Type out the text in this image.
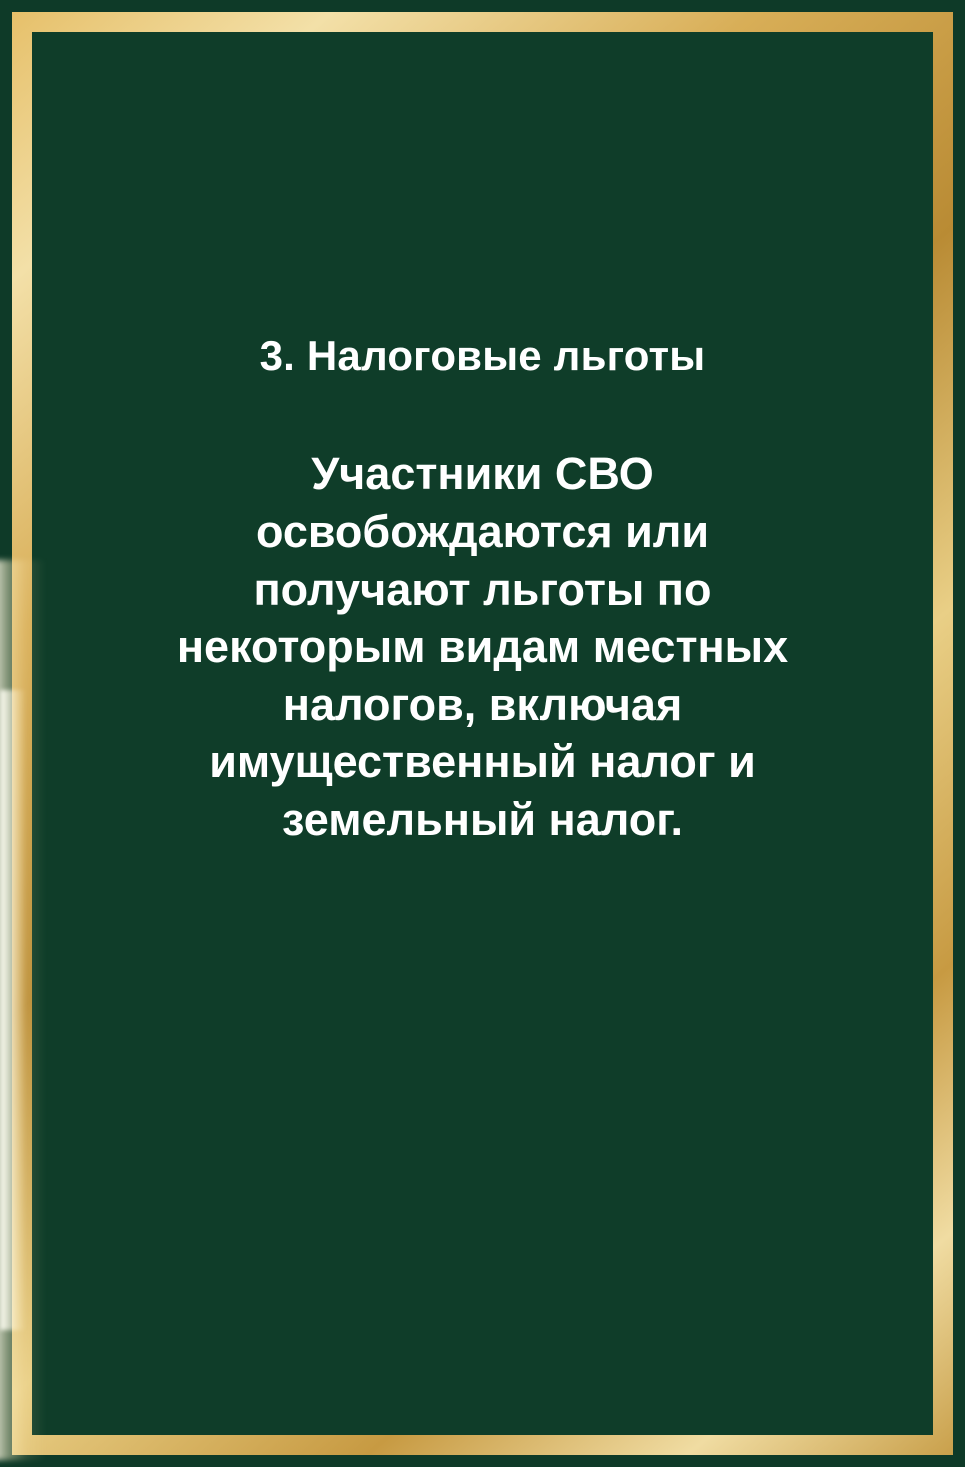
3. Налоговые льготы

Участники СВО освобождаются или получают льготы по некоторым видам местных налогов, включая имущественный налог и земельный налог.
